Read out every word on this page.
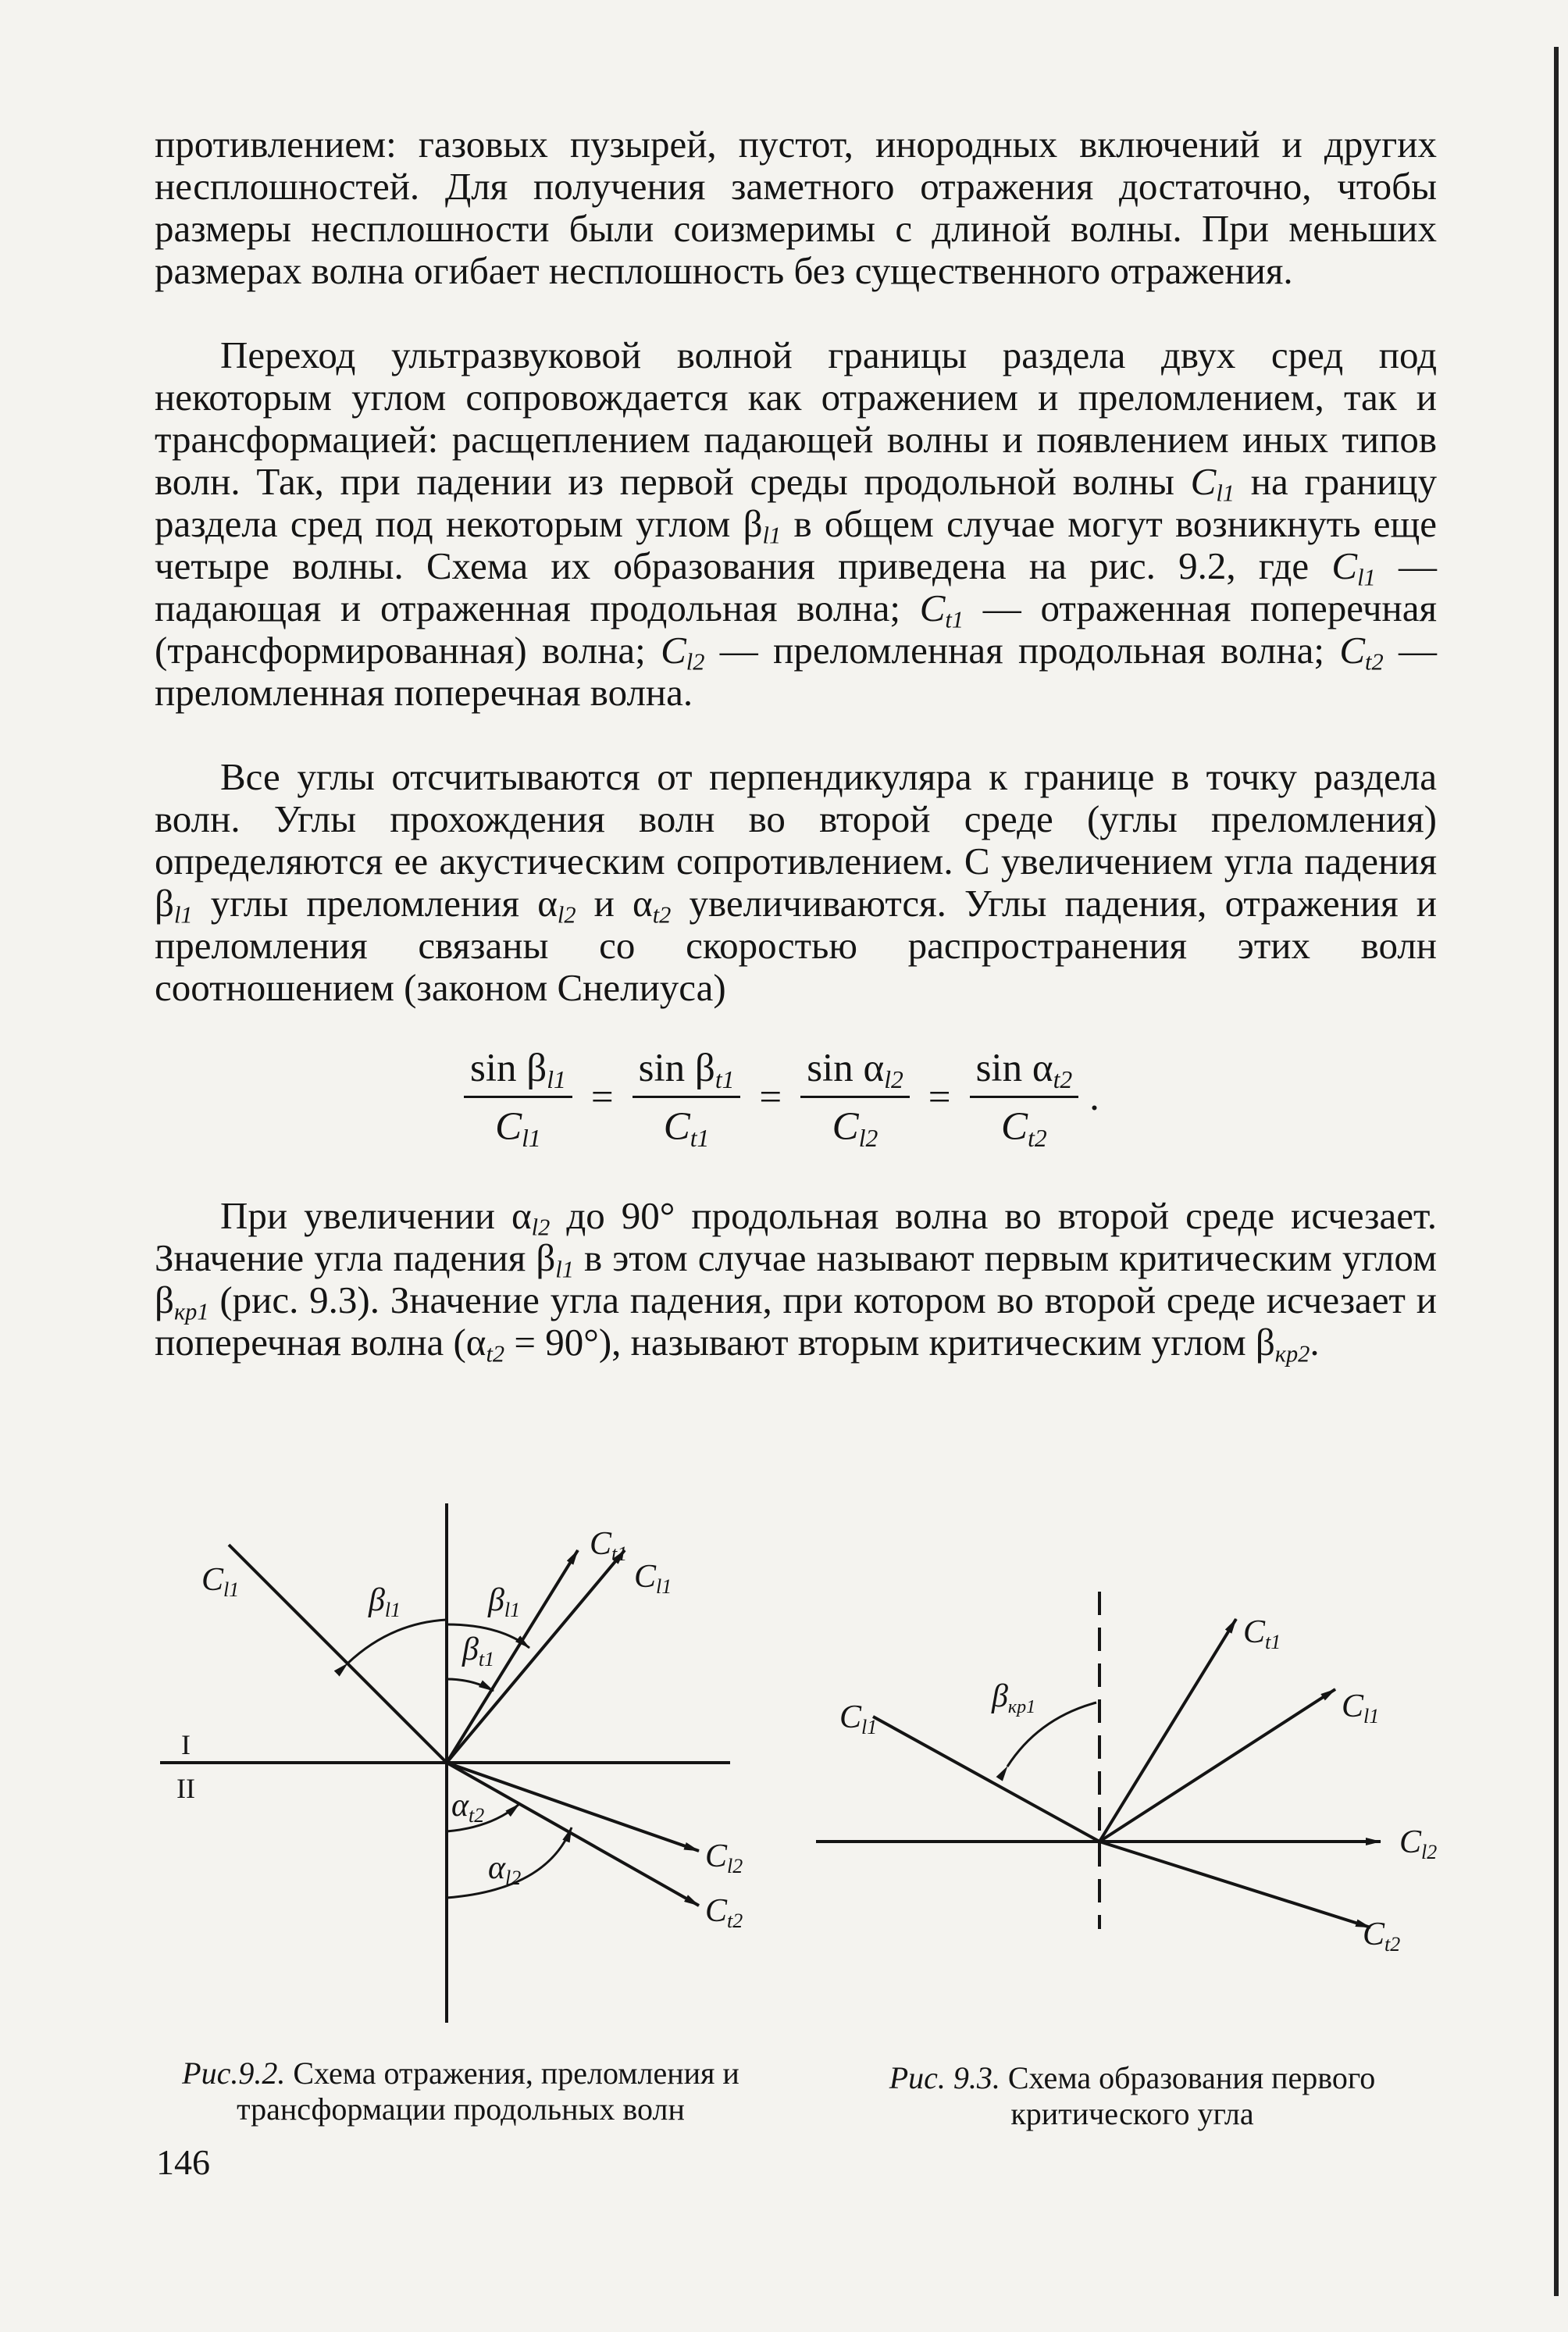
противлением: газовых пузырей, пустот, инородных включений и других несплошностей. Для получения заметного отражения достаточно, чтобы размеры несплошности были соизмеримы с длиной волны. При меньших размерах волна огибает несплошность без существенного отражения.

Переход ультразвуковой волной границы раздела двух сред под некоторым углом сопровождается как отражением и преломлением, так и трансформацией: расщеплением падающей волны и появлением иных типов волн. Так, при падении из первой среды продольной волны $C_{l1}$ на границу раздела сред под некоторым углом $\beta_{l1}$ в общем случае могут возникнуть еще четыре волны. Схема их образования приведена на рис. 9.2, где $C_{l1}$ — падающая и отраженная продольная волна; $C_{t1}$ — отраженная поперечная (трансформированная) волна; $C_{l2}$ — преломленная продольная волна; $C_{t2}$ — преломленная поперечная волна.

Все углы отсчитываются от перпендикуляра к границе в точку раздела волн. Углы прохождения волн во второй среде (углы преломления) определяются ее акустическим сопротивлением. С увеличением угла падения $\beta_{l1}$ углы преломления $\alpha_{l2}$ и $\alpha_{t2}$ увеличиваются. Углы падения, отражения и преломления связаны со скоростью распространения этих волн соотношением (законом Снелиуса)

$\frac{\sin \beta_{l1}}{C_{l1}} = \frac{\sin \beta_{t1}}{C_{t1}} = \frac{\sin \alpha_{l2}}{C_{l2}} = \frac{\sin \alpha_{t2}}{C_{t2}}$ .

При увеличении $\alpha_{l2}$ до 90° продольная волна во второй среде исчезает. Значение угла падения $\beta_{l1}$ в этом случае называют первым критическим углом $\beta_{кр1}$ (рис. 9.3). Значение угла падения, при котором во второй среде исчезает и поперечная волна $(\alpha_{t2} = 90^\circ)$, называют вторым критическим углом $\beta_{кр2}$.

Cl1
Ct1
Cl1
Cl2
Ct2
βl1	βl1
βt1
αt2
αl2
I
II
Cl1
Ct1
Cl1
Cl2
Ct2
βкр1
Рис.9.2. Схема отражения, преломления и трансформации продольных волн
Рис. 9.3. Схема образования первого критического угла
146
